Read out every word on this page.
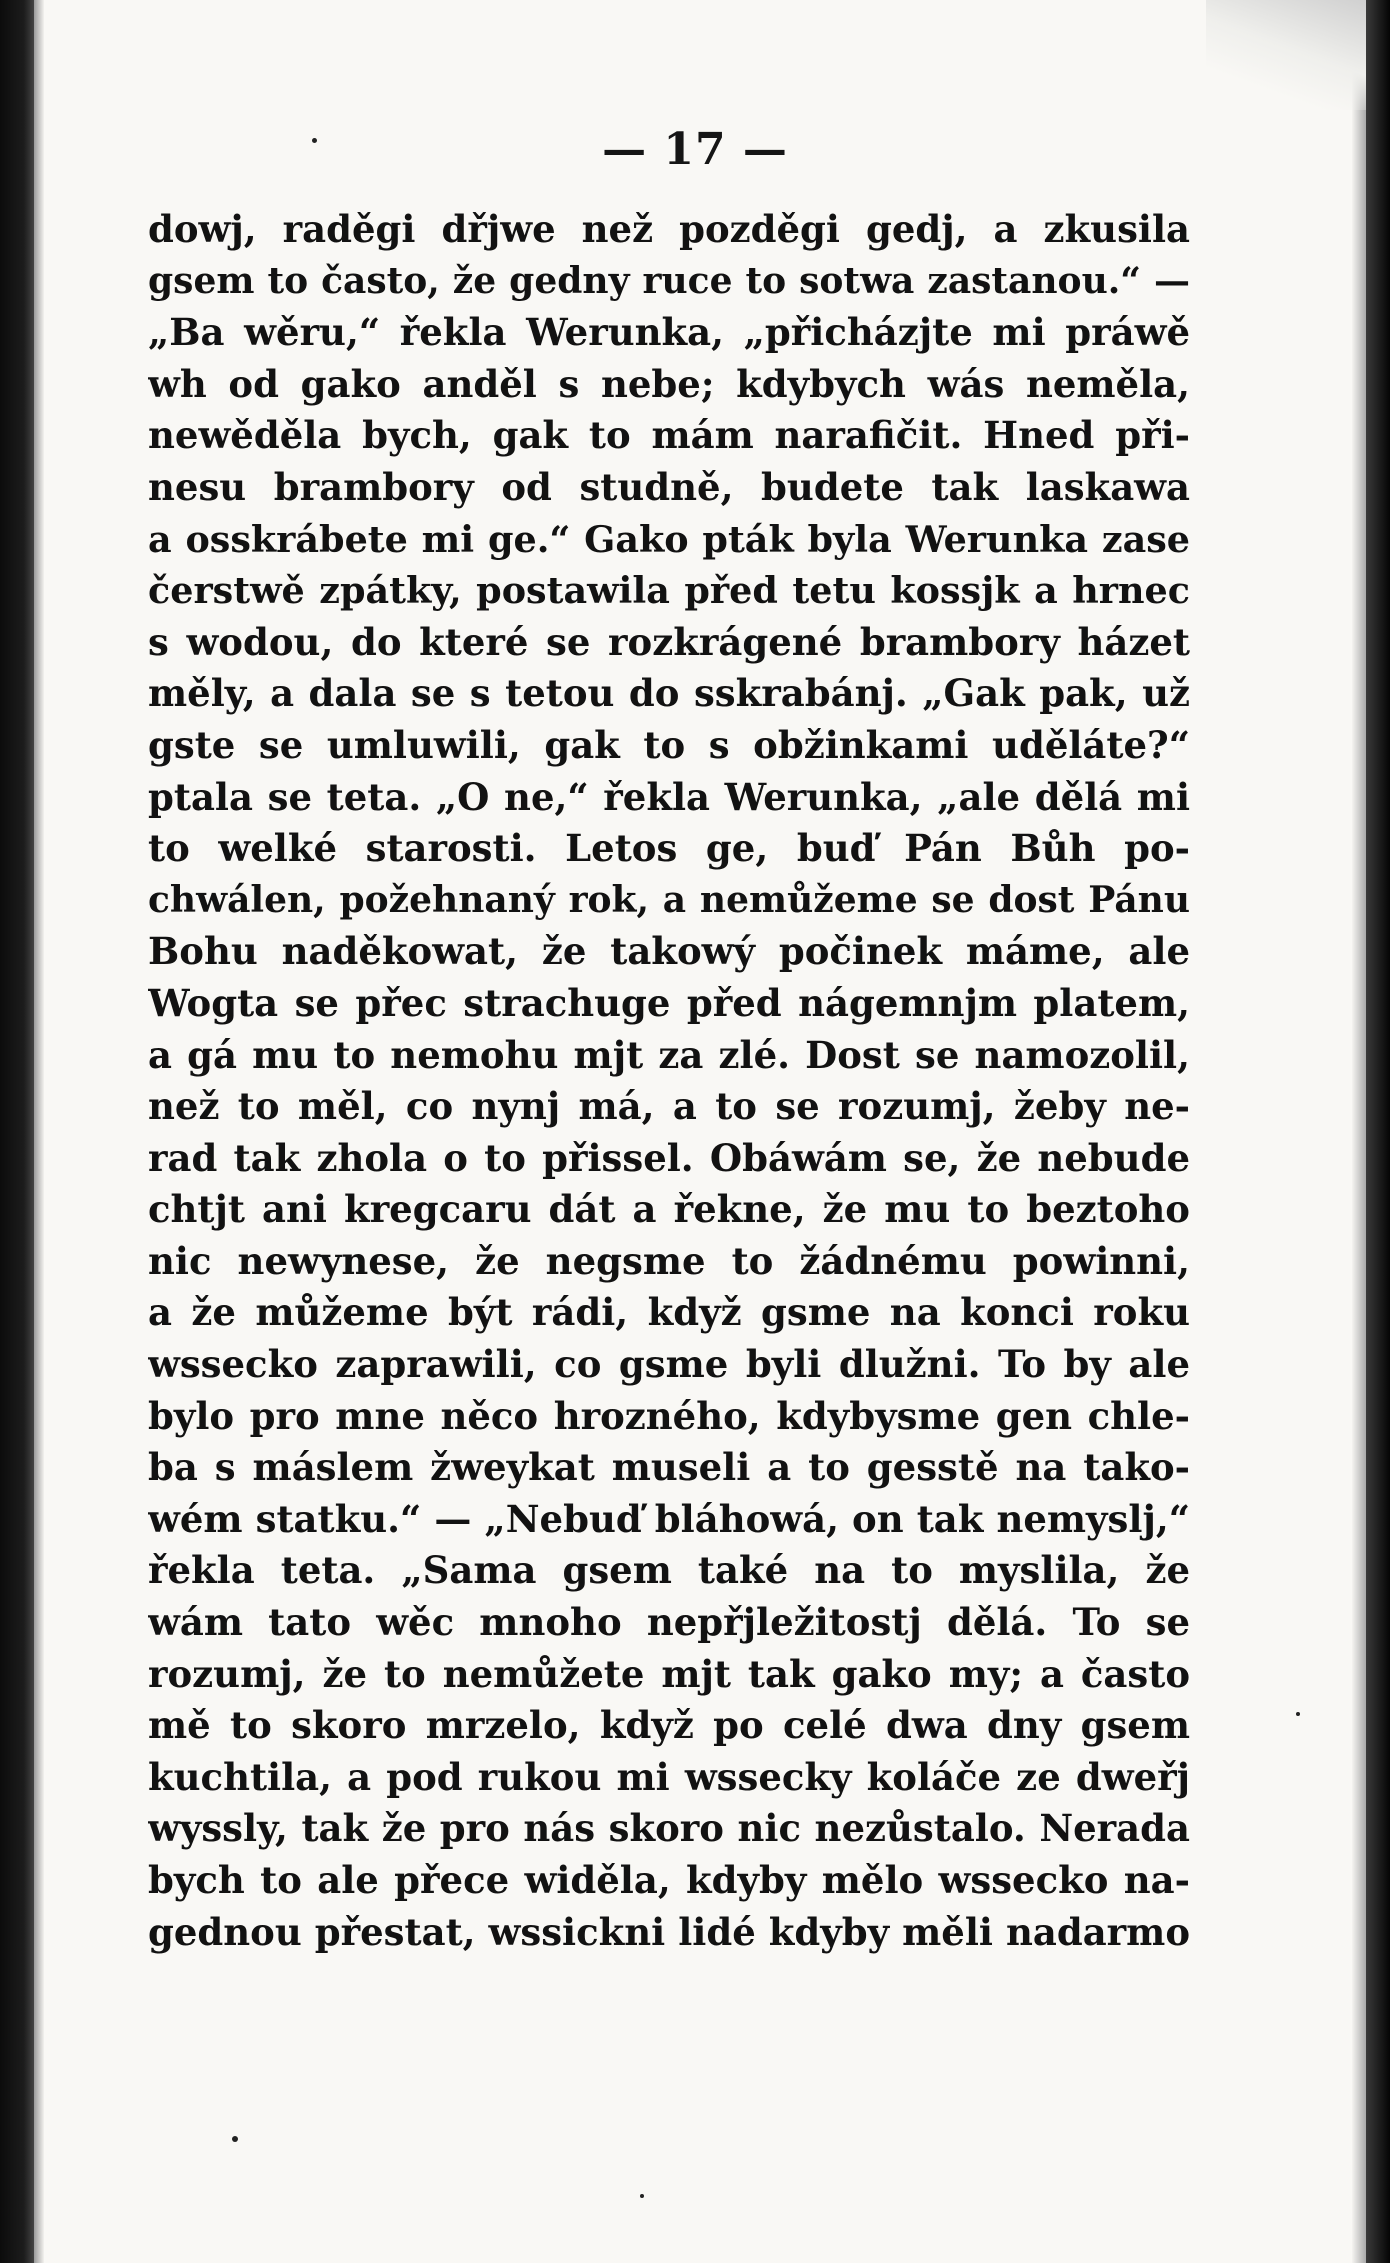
— 17 —
dowj, raděgi dřjwe než pozděgi gedj, a zkusila
gsem to často, že gedny ruce to sotwa zastanou.“ —
„Ba wěru,“ řekla Werunka, „přicházjte mi práwě
wh od gako anděl s nebe; kdybych wás neměla,
newěděla bych, gak to mám narafičit. Hned při-
nesu brambory od studně, budete tak laskawa
a osskrábete mi ge.“ Gako pták byla Werunka zase
čerstwě zpátky, postawila před tetu kossjk a hrnec
s wodou, do které se rozkrágené brambory házet
měly, a dala se s tetou do sskrabánj. „Gak pak, už
gste se umluwili, gak to s obžinkami uděláte?“
ptala se teta. „O ne,“ řekla Werunka, „ale dělá mi
to welké starosti. Letos ge, buď Pán Bůh po-
chwálen, požehnaný rok, a nemůžeme se dost Pánu
Bohu naděkowat, že takowý počinek máme, ale
Wogta se přec strachuge před nágemnjm platem,
a gá mu to nemohu mjt za zlé. Dost se namozolil,
než to měl, co nynj má, a to se rozumj, žeby ne-
rad tak zhola o to přissel. Obáwám se, že nebude
chtjt ani kregcaru dát a řekne, že mu to beztoho
nic newynese, že negsme to žádnému powinni,
a že můžeme být rádi, když gsme na konci roku
wsseckо zaprawili, co gsme byli dlužni. To by ale
bylo pro mne něco hrozného, kdybysme gen chle-
ba s máslem žweykat museli a to gesstě na tako-
wém statku.“ — „Nebuď bláhowá, on tak nemyslj,“
řekla teta. „Sama gsem také na to myslila, že
wám tato wěc mnoho nepřjležitostj dělá. To se
rozumj, že to nemůžete mjt tak gako my; a často
mě to skoro mrzelo, když po celé dwa dny gsem
kuchtila, a pod rukou mi wssecky koláče ze dweřj
wyssly, tak že pro nás skoro nic nezůstalo. Nerada
bych to ale přece widěla, kdyby mělo wsseckо na-
gednou přestat, wssickni lidé kdyby měli nadarmo
